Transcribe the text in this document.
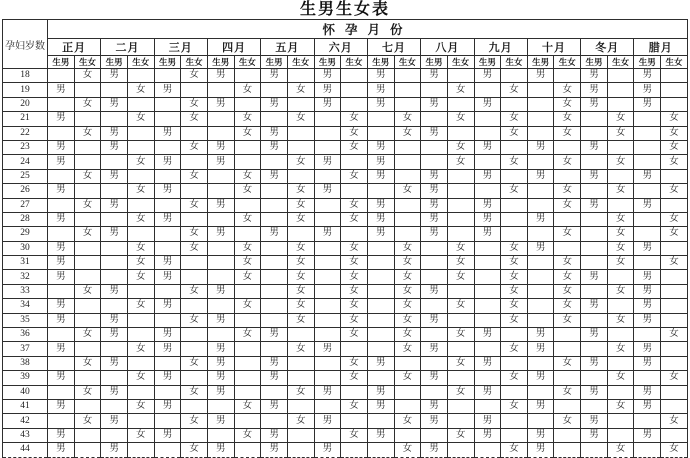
生男生女表
孕妇岁数	怀孕月份																							
	正月		二月		三月		四月		五月		六月		七月		八月		九月		十月		冬月		腊月	
	生男	生女	生男	生女	生男	生女	生男	生女	生男	生女	生男	生女	生男	生女	生男	生女	生男	生女	生男	生女	生男	生女	生男	生女
18		女	男			女	男		男		男		男		男		男		男		男		男	
19	男			女	男			女		女	男		男			女		女		女	男		男	
20		女	男			女	男		男		男		男		男		男			女	男		男	
21	男			女		女		女		女		女		女		女		女		女		女		女
22		女	男		男			女	男			女		女	男			女		女		女		女
23	男		男			女	男		男			女	男			女	男		男		男			女
24	男			女	男		男			女	男		男			女		女		女		女		女
25		女	男			女		女	男			女	男		男		男		男		男		男	
26	男			女	男			女		女	男			女	男			女		女		女		女
27		女	男			女	男			女		女	男		男		男			女	男		男	
28	男			女	男			女		女		女	男		男		男		男			女		女
29		女	男			女	男		男		男		男		男		男			女		女		女
30	男			女		女		女		女		女		女		女		女	男			女	男	
31	男			女	男			女		女		女		女		女		女		女		女		女
32	男			女	男			女		女		女		女		女		女		女	男		男	
33		女	男			女	男			女		女		女	男			女		女		女	男	
34	男			女	男			女		女		女		女		女		女		女	男		男	
35	男		男			女	男			女		女		女	男			女		女		女	男	
36		女	男		男			女	男			女		女		女	男		男		男			女
37	男			女	男		男			女	男			女	男			女	男			女	男	
38		女	男			女	男		男			女	男			女	男			女	男		男	
39	男			女	男		男		男			女		女	男			女	男			女		女
40		女	男			女	男			女	男		男			女	男			女	男		男	
41	男			女	男			女	男			女	男		男			女	男			女	男	
42		女	男			女	男			女	男			女	男		男			女	男			女
43	男			女	男			女	男			女	男			女	男		男		男		男	
44	男		男			女	男		男		男			女	男			女	男			女		女
